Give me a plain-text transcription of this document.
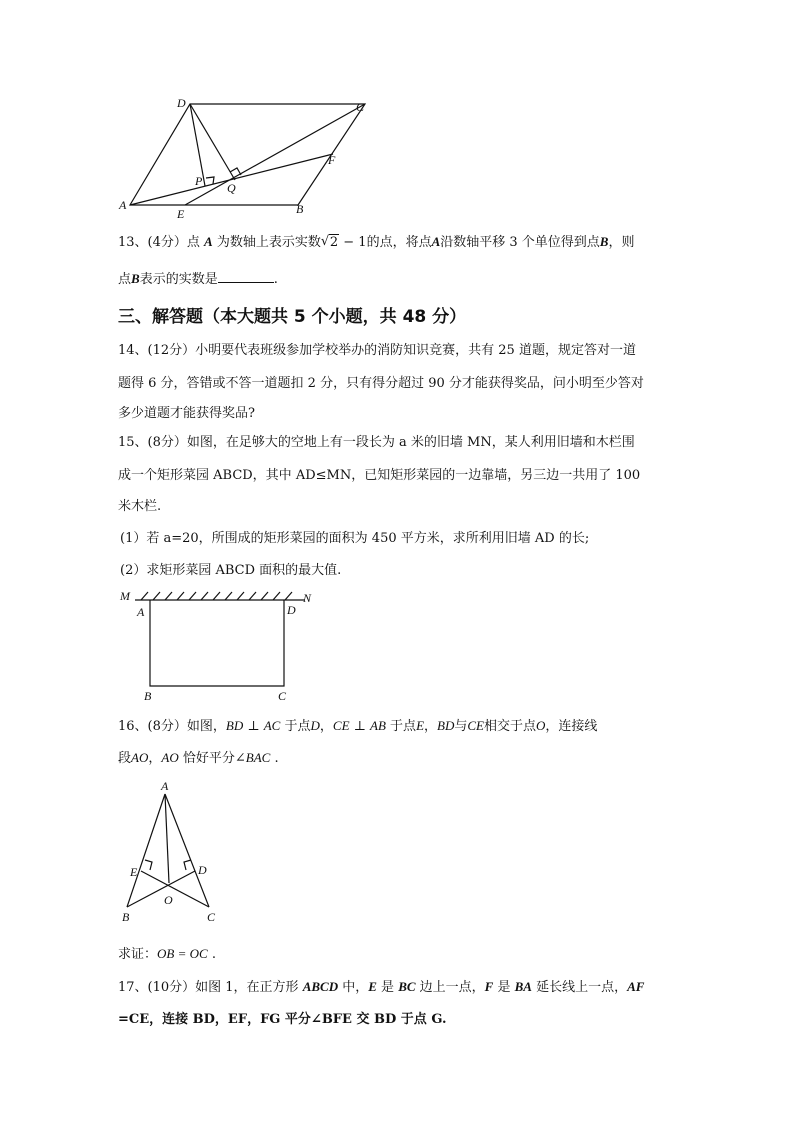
D	C
F
P Q
A
E	B
13、(4分）点 A 为数轴上表示实数√ 2 − 1的点，将点A沿数轴平移 3 个单位得到点B，则
点B表示的实数是	.
三、解答题（本大题共 5 个小题，共 48 分）
14、(12分）小明要代表班级参加学校举办的消防知识竞赛，共有 25 道题，规定答对一道
题得 6 分，答错或不答一道题扣 2 分，只有得分超过 90 分才能获得奖品，问小明至少答对
多少道题才能获得奖品?
15、(8分）如图，在足够大的空地上有一段长为 a 米的旧墙 MN，某人利用旧墙和木栏围
成一个矩形菜园 ABCD，其中 AD≤MN，已知矩形菜园的一边靠墙，另三边一共用了 100
米木栏.
(1）若 a=20，所围成的矩形菜园的面积为 450 平方米，求所利用旧墙 AD 的长;
(2）求矩形菜园 ABCD 面积的最大值.
M	N
A	D
B	C
16、(8分）如图，BD ⊥ AC 于点D，CE ⊥ AB 于点E，BD与CE相交于点O，连接线
段AO，AO 恰好平分∠BAC .
A
E	D
O
B	C
求证：OB = OC .
17、(10分）如图 1，在正方形 ABCD 中，E 是 BC 边上一点，F 是 BA 延长线上一点，AF
=CE，连接 BD，EF，FG 平分∠BFE 交 BD 于点 G.
